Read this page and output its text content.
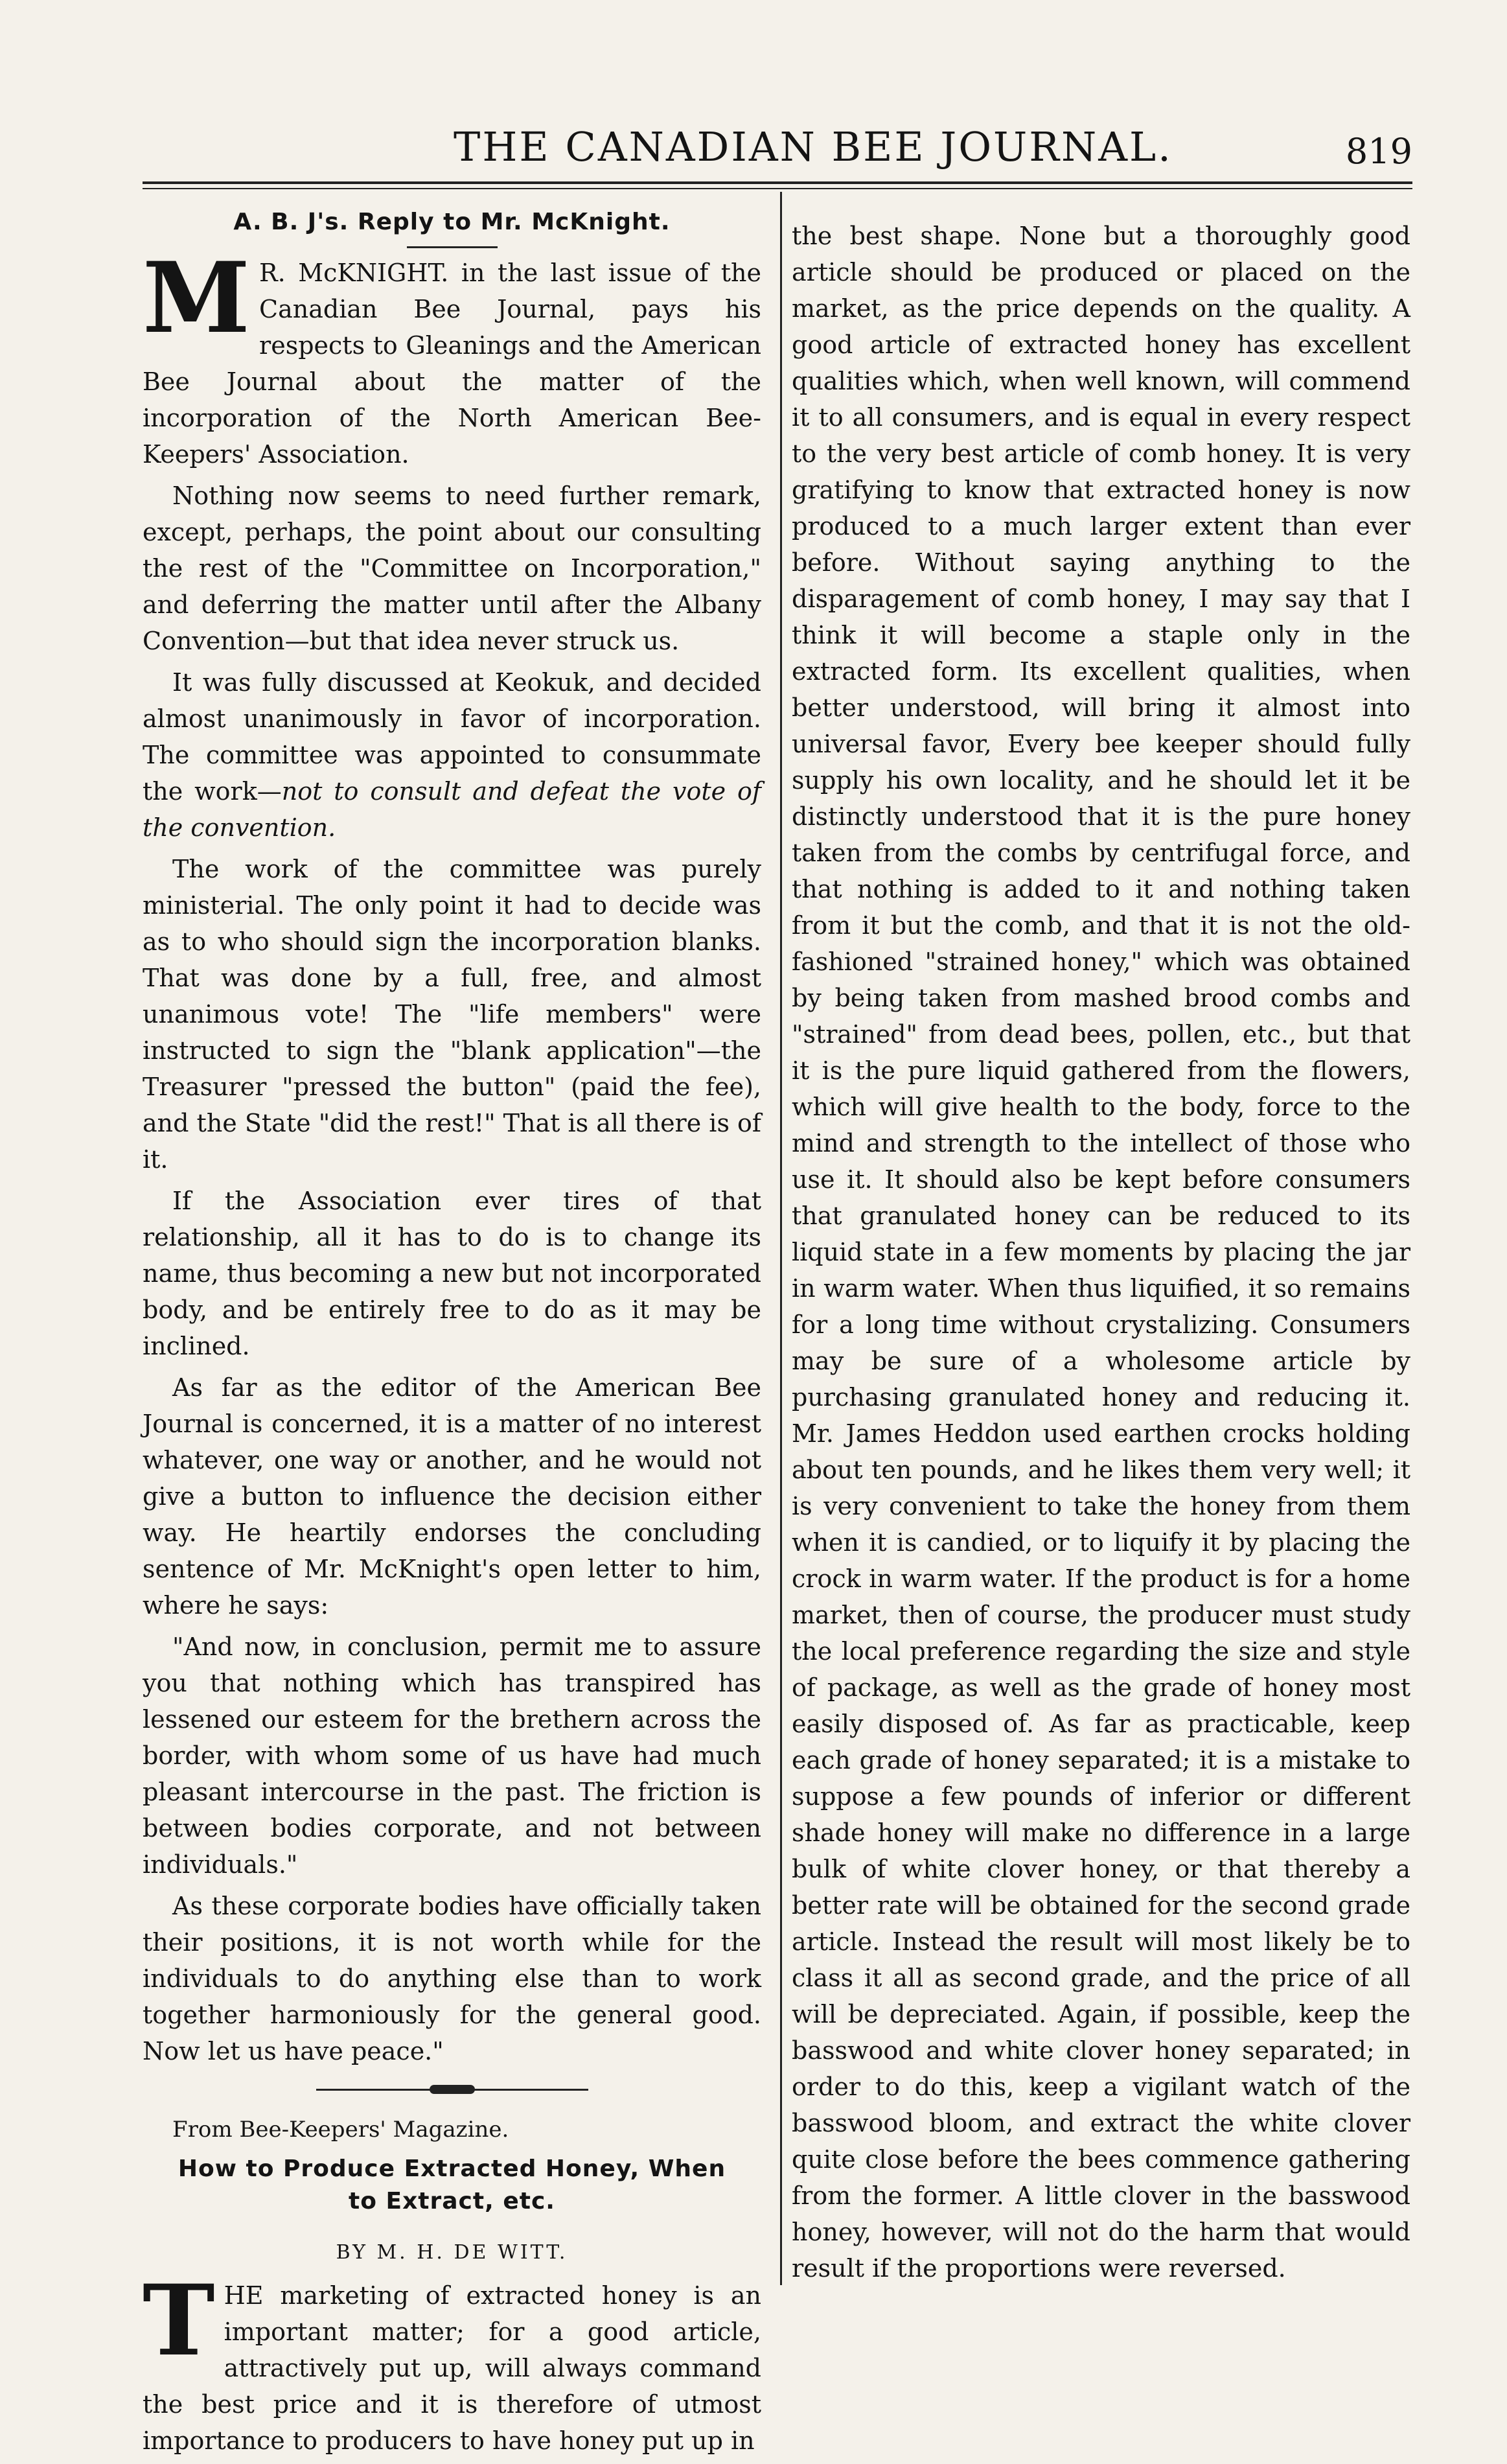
THE CANADIAN BEE JOURNAL.	819
A. B. J's. Reply to Mr. McKnight.

M R. McKNIGHT. in the last issue of the Canadian Bee Journal, pays his respects to Gleanings and the American Bee Journal about the matter of the incorporation of the North American Bee-Keepers' Association.

Nothing now seems to need further remark, except, perhaps, the point about our consulting the rest of the "Committee on Incorporation," and deferring the matter until after the Albany Convention—but that idea never struck us.

It was fully discussed at Keokuk, and decided almost unanimously in favor of incorporation. The committee was appointed to consummate the work—not to consult and defeat the vote of the convention.

The work of the committee was purely ministerial. The only point it had to decide was as to who should sign the incorporation blanks. That was done by a full, free, and almost unanimous vote! The "life members" were instructed to sign the "blank application"—the Treasurer "pressed the button" (paid the fee), and the State "did the rest!" That is all there is of it.

If the Association ever tires of that relationship, all it has to do is to change its name, thus becoming a new but not incorporated body, and be entirely free to do as it may be inclined.

As far as the editor of the American Bee Journal is concerned, it is a matter of no interest whatever, one way or another, and he would not give a button to influence the decision either way. He heartily endorses the concluding sentence of Mr. McKnight's open letter to him, where he says:

"And now, in conclusion, permit me to assure you that nothing which has transpired has lessened our esteem for the brethern across the border, with whom some of us have had much pleasant intercourse in the past. The friction is between bodies corporate, and not between individuals."

As these corporate bodies have officially taken their positions, it is not worth while for the individuals to do anything else than to work together harmoniously for the general good. Now let us have peace."

From Bee-Keepers' Magazine.

How to Produce Extracted Honey, When
to Extract, etc.
BY M. H. DE WITT.

T HE marketing of extracted honey is an important matter; for a good article, attractively put up, will always command the best price and it is therefore of utmost importance to producers to have honey put up in

the best shape. None but a thoroughly good article should be produced or placed on the market, as the price depends on the quality. A good article of extracted honey has excellent qualities which, when well known, will commend it to all consumers, and is equal in every respect to the very best article of comb honey. It is very gratifying to know that extracted honey is now produced to a much larger extent than ever before. Without saying anything to the disparagement of comb honey, I may say that I think it will become a staple only in the extracted form. Its excellent qualities, when better understood, will bring it almost into universal favor, Every bee keeper should fully supply his own locality, and he should let it be distinctly understood that it is the pure honey taken from the combs by centrifugal force, and that nothing is added to it and nothing taken from it but the comb, and that it is not the old-fashioned "strained honey," which was obtained by being taken from mashed brood combs and "strained" from dead bees, pollen, etc., but that it is the pure liquid gathered from the flowers, which will give health to the body, force to the mind and strength to the intellect of those who use it. It should also be kept before consumers that granulated honey can be reduced to its liquid state in a few moments by placing the jar in warm water. When thus liquified, it so remains for a long time without crystalizing. Consumers may be sure of a wholesome article by purchasing granulated honey and reducing it. Mr. James Heddon used earthen crocks holding about ten pounds, and he likes them very well; it is very convenient to take the honey from them when it is candied, or to liquify it by placing the crock in warm water. If the product is for a home market, then of course, the producer must study the local preference regarding the size and style of package, as well as the grade of honey most easily disposed of. As far as practicable, keep each grade of honey separated; it is a mistake to suppose a few pounds of inferior or different shade honey will make no difference in a large bulk of white clover honey, or that thereby a better rate will be obtained for the second grade article. Instead the result will most likely be to class it all as second grade, and the price of all will be depreciated. Again, if possible, keep the basswood and white clover honey separated; in order to do this, keep a vigilant watch of the basswood bloom, and extract the white clover quite close before the bees commence gathering from the former. A little clover in the basswood honey, however, will not do the harm that would result if the proportions were reversed.
